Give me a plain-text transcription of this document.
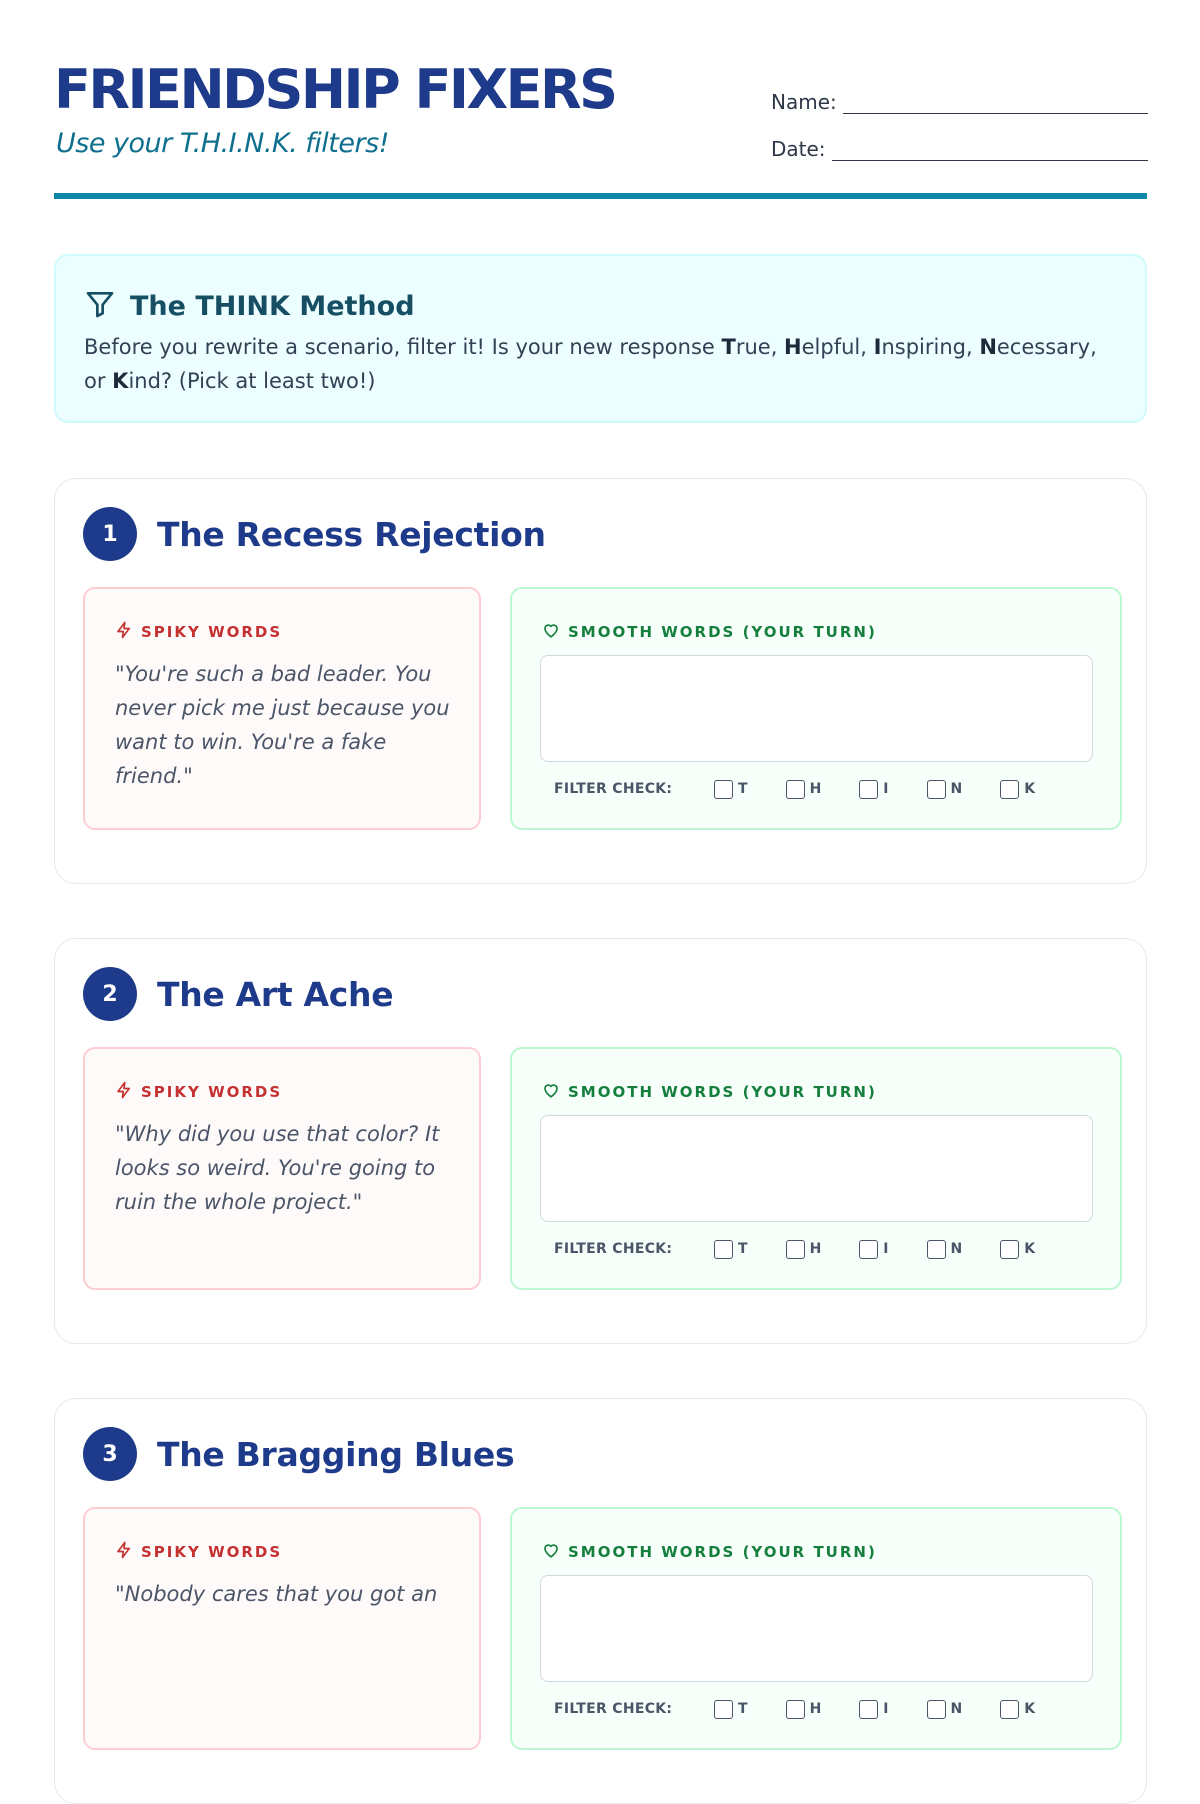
FRIENDSHIP FIXERS
Use your T.H.I.N.K. filters!
Name:
Date:
The THINK Method
Before you rewrite a scenario, filter it! Is your new response True, Helpful, Inspiring, Necessary, or Kind? (Pick at least two!)
1	The Recess Rejection
SPIKY WORDS
"You're such a bad leader. You never pick me just because you want to win. You're a fake friend."
SMOOTH WORDS (YOUR TURN)
FILTER CHECK:	T	H	I	N	K
2	The Art Ache
SPIKY WORDS
"Why did you use that color? It looks so weird. You're going to ruin the whole project."
SMOOTH WORDS (YOUR TURN)
FILTER CHECK:	T	H	I	N	K
3	The Bragging Blues
SPIKY WORDS
"Nobody cares that you got an
SMOOTH WORDS (YOUR TURN)
FILTER CHECK:	T	H	I	N	K
